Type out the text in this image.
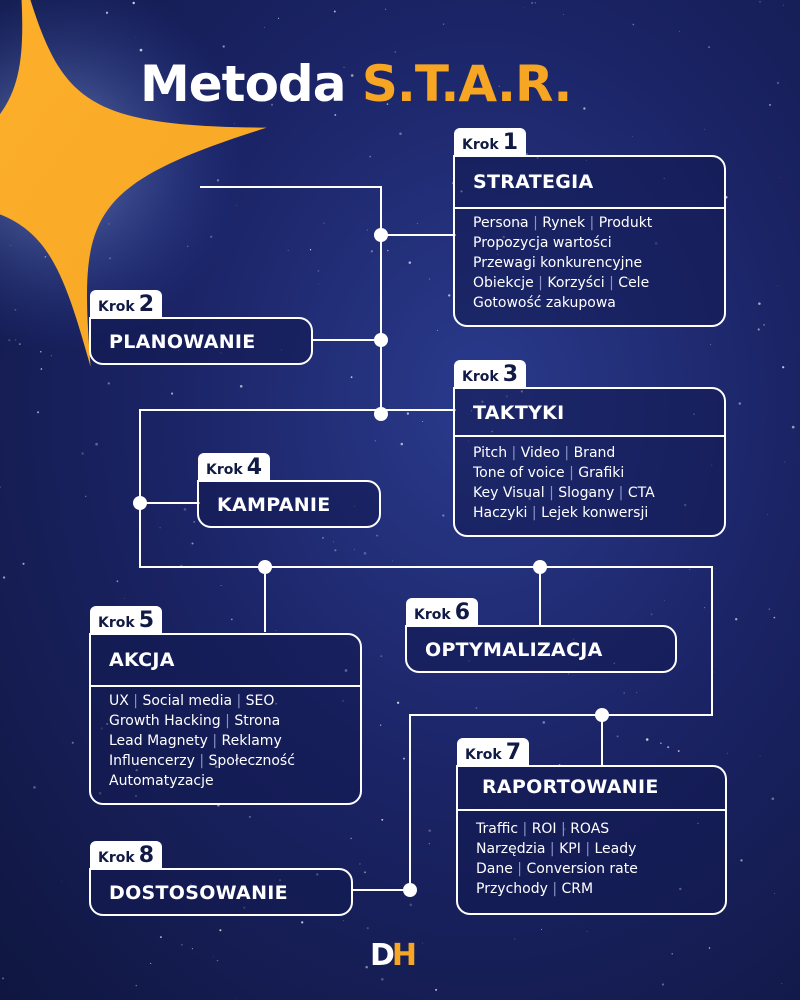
Metoda S.T.A.R.
Krok 1
STRATEGIA
Persona | Rynek | Produkt
Propozycja wartości
Przewagi konkurencyjne
Obiekcje | Korzyści | Cele
Gotowość zakupowa
Krok 2
PLANOWANIE
Krok 3
TAKTYKI
Pitch | Video | Brand
Tone of voice | Grafiki
Key Visual | Slogany | CTA
Haczyki | Lejek konwersji
Krok 4
KAMPANIE
Krok 5
AKCJA
UX | Social media | SEO
Growth Hacking | Strona
Lead Magnety | Reklamy
Influencerzy | Społeczność
Automatyzacje
Krok 6
OPTYMALIZACJA
Krok 7
RAPORTOWANIE
Traffic | ROI | ROAS
Narzędzia | KPI | Leady
Dane | Conversion rate
Przychody | CRM
Krok 8
DOSTOSOWANIE
DH
